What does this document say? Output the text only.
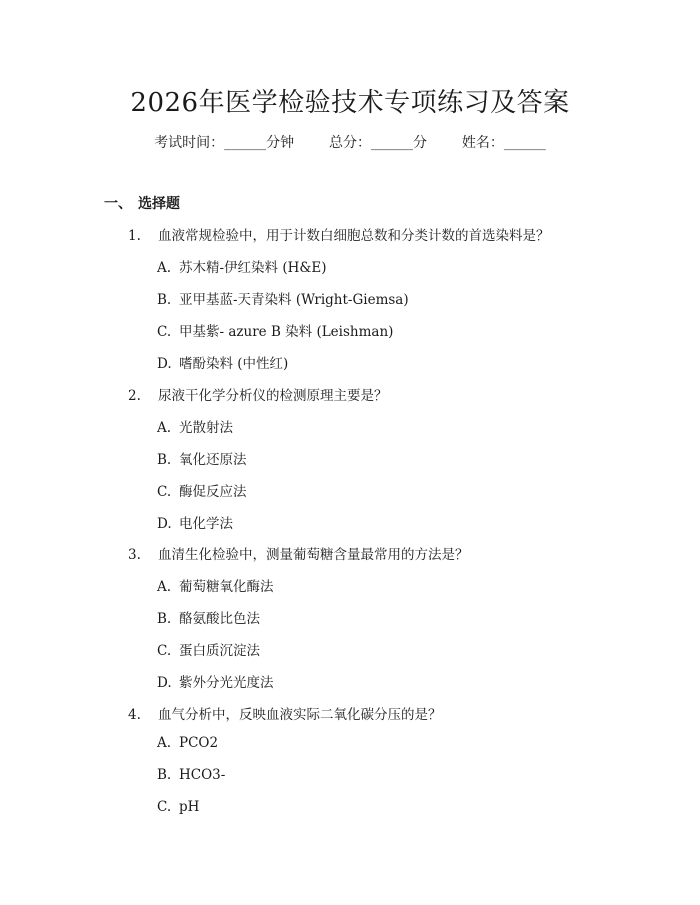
2026年医学检验技术专项练习及答案
考试时间：______分钟 总分：______分 姓名：______
一、 选择题
1. 血液常规检验中，用于计数白细胞总数和分类计数的首选染料是？
A. 苏木精-伊红染料 (H&E)
B. 亚甲基蓝-天青染料 (Wright-Giemsa)
C. 甲基紫- azure B 染料 (Leishman)
D. 嗜酚染料 (中性红)
2. 尿液干化学分析仪的检测原理主要是？
A. 光散射法
B. 氧化还原法
C. 酶促反应法
D. 电化学法
3. 血清生化检验中，测量葡萄糖含量最常用的方法是？
A. 葡萄糖氧化酶法
B. 酪氨酸比色法
C. 蛋白质沉淀法
D. 紫外分光光度法
4. 血气分析中，反映血液实际二氧化碳分压的是？
A. PCO2
B. HCO3-
C. pH
